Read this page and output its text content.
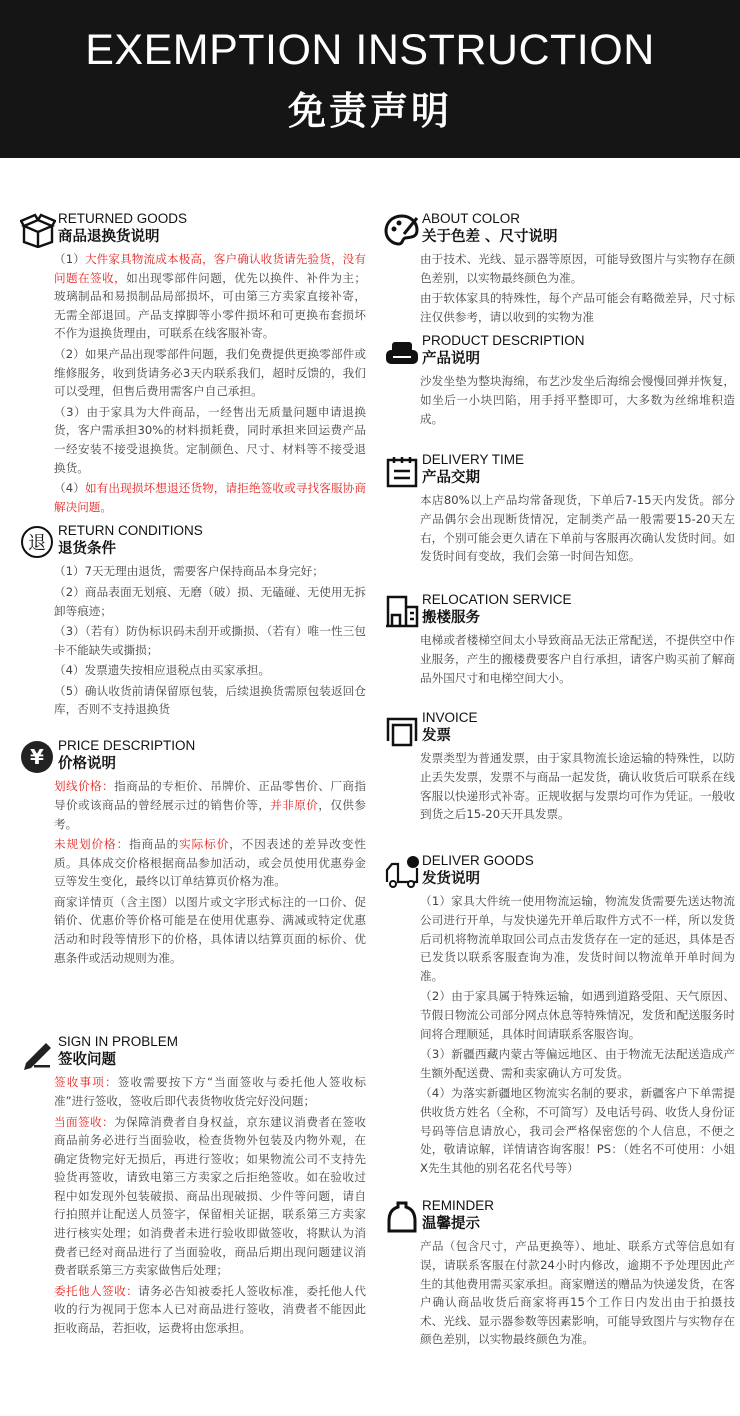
EXEMPTION INSTRUCTION
免责声明
RETURNED GOODS
商品退换货说明

（1）大件家具物流成本极高，客户确认收货请先验货，没有问题在签收，如出现零部件问题，优先以换件、补件为主；玻璃制品和易损制品局部损坏，可由第三方卖家直接补寄，无需全部退回。产品支撑脚等小零件损坏和可更换布套损坏不作为退换货理由，可联系在线客服补寄。

（2）如果产品出现零部件问题，我们免费提供更换零部件或维修服务，收到货请务必3天内联系我们，超时反馈的，我们可以受理，但售后费用需客户自己承担。

（3）由于家具为大件商品，一经售出无质量问题申请退换货，客户需承担30%的材料损耗费，同时承担来回运费产品一经安装不接受退换货。定制颜色、尺寸、材料等不接受退换货。

（4）如有出现损坏想退还货物，请拒绝签收或寻找客服协商解决问题。

退
RETURN CONDITIONS
退货条件

（1）7天无理由退货，需要客户保持商品本身完好；

（2）商品表面无划痕、无磨（破）损、无磕碰、无使用无拆卸等痕迹；

（3）（若有）防伪标识码未刮开或撕损、（若有）唯一性三包卡不能缺失或撕损；

（4）发票遗失按相应退税点由买家承担。

（5）确认收货前请保留原包装，后续退换货需原包装返回仓库，否则不支持退换货

¥ PRICE DESCRIPTION
价格说明

划线价格：指商品的专柜价、吊牌价、正品零售价、厂商指导价或该商品的曾经展示过的销售价等，并非原价，仅供参考。

未规划价格：指商品的实际标价，不因表述的差异改变性质。具体成交价格根据商品参加活动，或会员使用优惠券金豆等发生变化，最终以订单结算页价格为准。

商家详情页（含主图）以图片或文字形式标注的一口价、促销价、优惠价等价格可能是在使用优惠券、满减或特定优惠活动和时段等情形下的价格，具体请以结算页面的标价、优惠条件或活动规则为准。

SIGN IN PROBLEM
签收问题

签收事项：签收需要按下方“当面签收与委托他人签收标准”进行签收，签收后即代表货物收货完好没问题；

当面签收：为保障消费者自身权益，京东建议消费者在签收商品前务必进行当面验收，检查货物外包装及内物外观，在确定货物完好无损后，再进行签收；如果物流公司不支持先验货再签收，请致电第三方卖家之后拒绝签收。如在验收过程中如发现外包装破损、商品出现破损、少件等问题，请自行拍照并让配送人员签字，保留相关证据，联系第三方卖家进行核实处理；如消费者未进行验收即做签收，将默认为消费者已经对商品进行了当面验收，商品后期出现问题建议消费者联系第三方卖家做售后处理；

委托他人签收：请务必告知被委托人签收标准，委托他人代收的行为视同于您本人已对商品进行签收，消费者不能因此拒收商品，若拒收，运费将由您承担。

ABOUT COLOR
关于色差 、尺寸说明

由于技术、光线、显示器等原因，可能导致图片与实物存在颜色差别，以实物最终颜色为准。

由于软体家具的特殊性，每个产品可能会有略微差异，尺寸标注仅供参考，请以收到的实物为准

PRODUCT DESCRIPTION
产品说明

沙发坐垫为整块海绵，布艺沙发坐后海绵会慢慢回弹并恢复，如坐后一小块凹陷，用手捋平整即可，大多数为丝绵堆积造成。

DELIVERY TIME
产品交期

本店80%以上产品均常备现货，下单后7-15天内发货。部分产品偶尔会出现断货情况，定制类产品一般需要15-20天左右，个别可能会更久请在下单前与客服再次确认发货时间。如发货时间有变故，我们会第一时间告知您。

RELOCATION SERVICE
搬楼服务

电梯或者楼梯空间太小导致商品无法正常配送，不提供空中作业服务，产生的搬楼费要客户自行承担，请客户购买前了解商品外国尺寸和电梯空间大小。

INVOICE
发票

发票类型为普通发票，由于家具物流长途运输的特殊性，以防止丢失发票，发票不与商品一起发货，确认收货后可联系在线客服以快递形式补寄。正规收据与发票均可作为凭证。一般收到货之后15-20天开具发票。

DELIVER GOODS
发货说明

（1）家具大件统一使用物流运输，物流发货需要先送达物流公司进行开单，与发快递先开单后取件方式不一样，所以发货后司机将物流单取回公司点击发货存在一定的延迟，具体是否已发货以联系客服查询为准，发货时间以物流单开单时间为准。

（2）由于家具属于特殊运输，如遇到道路受阻、天气原因、节假日物流公司部分网点休息等特殊情况，发货和配送服务时间将合理顺延，具体时间请联系客服咨询。

（3）新疆西藏内蒙古等偏远地区、由于物流无法配送造成产生额外配送费、需和卖家确认方可发货。

（4）为落实新疆地区物流实名制的要求，新疆客户下单需提供收货方姓名（全称，不可简写）及电话号码、收货人身份证号码等信息请放心，我司会严格保密您的个人信息，不便之处，敬请谅解，详情请咨询客服！PS：（姓名不可使用：小姐X先生其他的别名花名代号等）

REMINDER
温馨提示

产品（包含尺寸，产品更换等）、地址、联系方式等信息如有误，请联系客服在付款24小时内修改，逾期不予处理因此产生的其他费用需买家承担。商家赠送的赠品为快递发货，在客户确认商品收货后商家将再15个工作日内发出由于拍摄技术、光线、显示器参数等因素影响，可能导致图片与实物存在颜色差别，以实物最终颜色为准。
